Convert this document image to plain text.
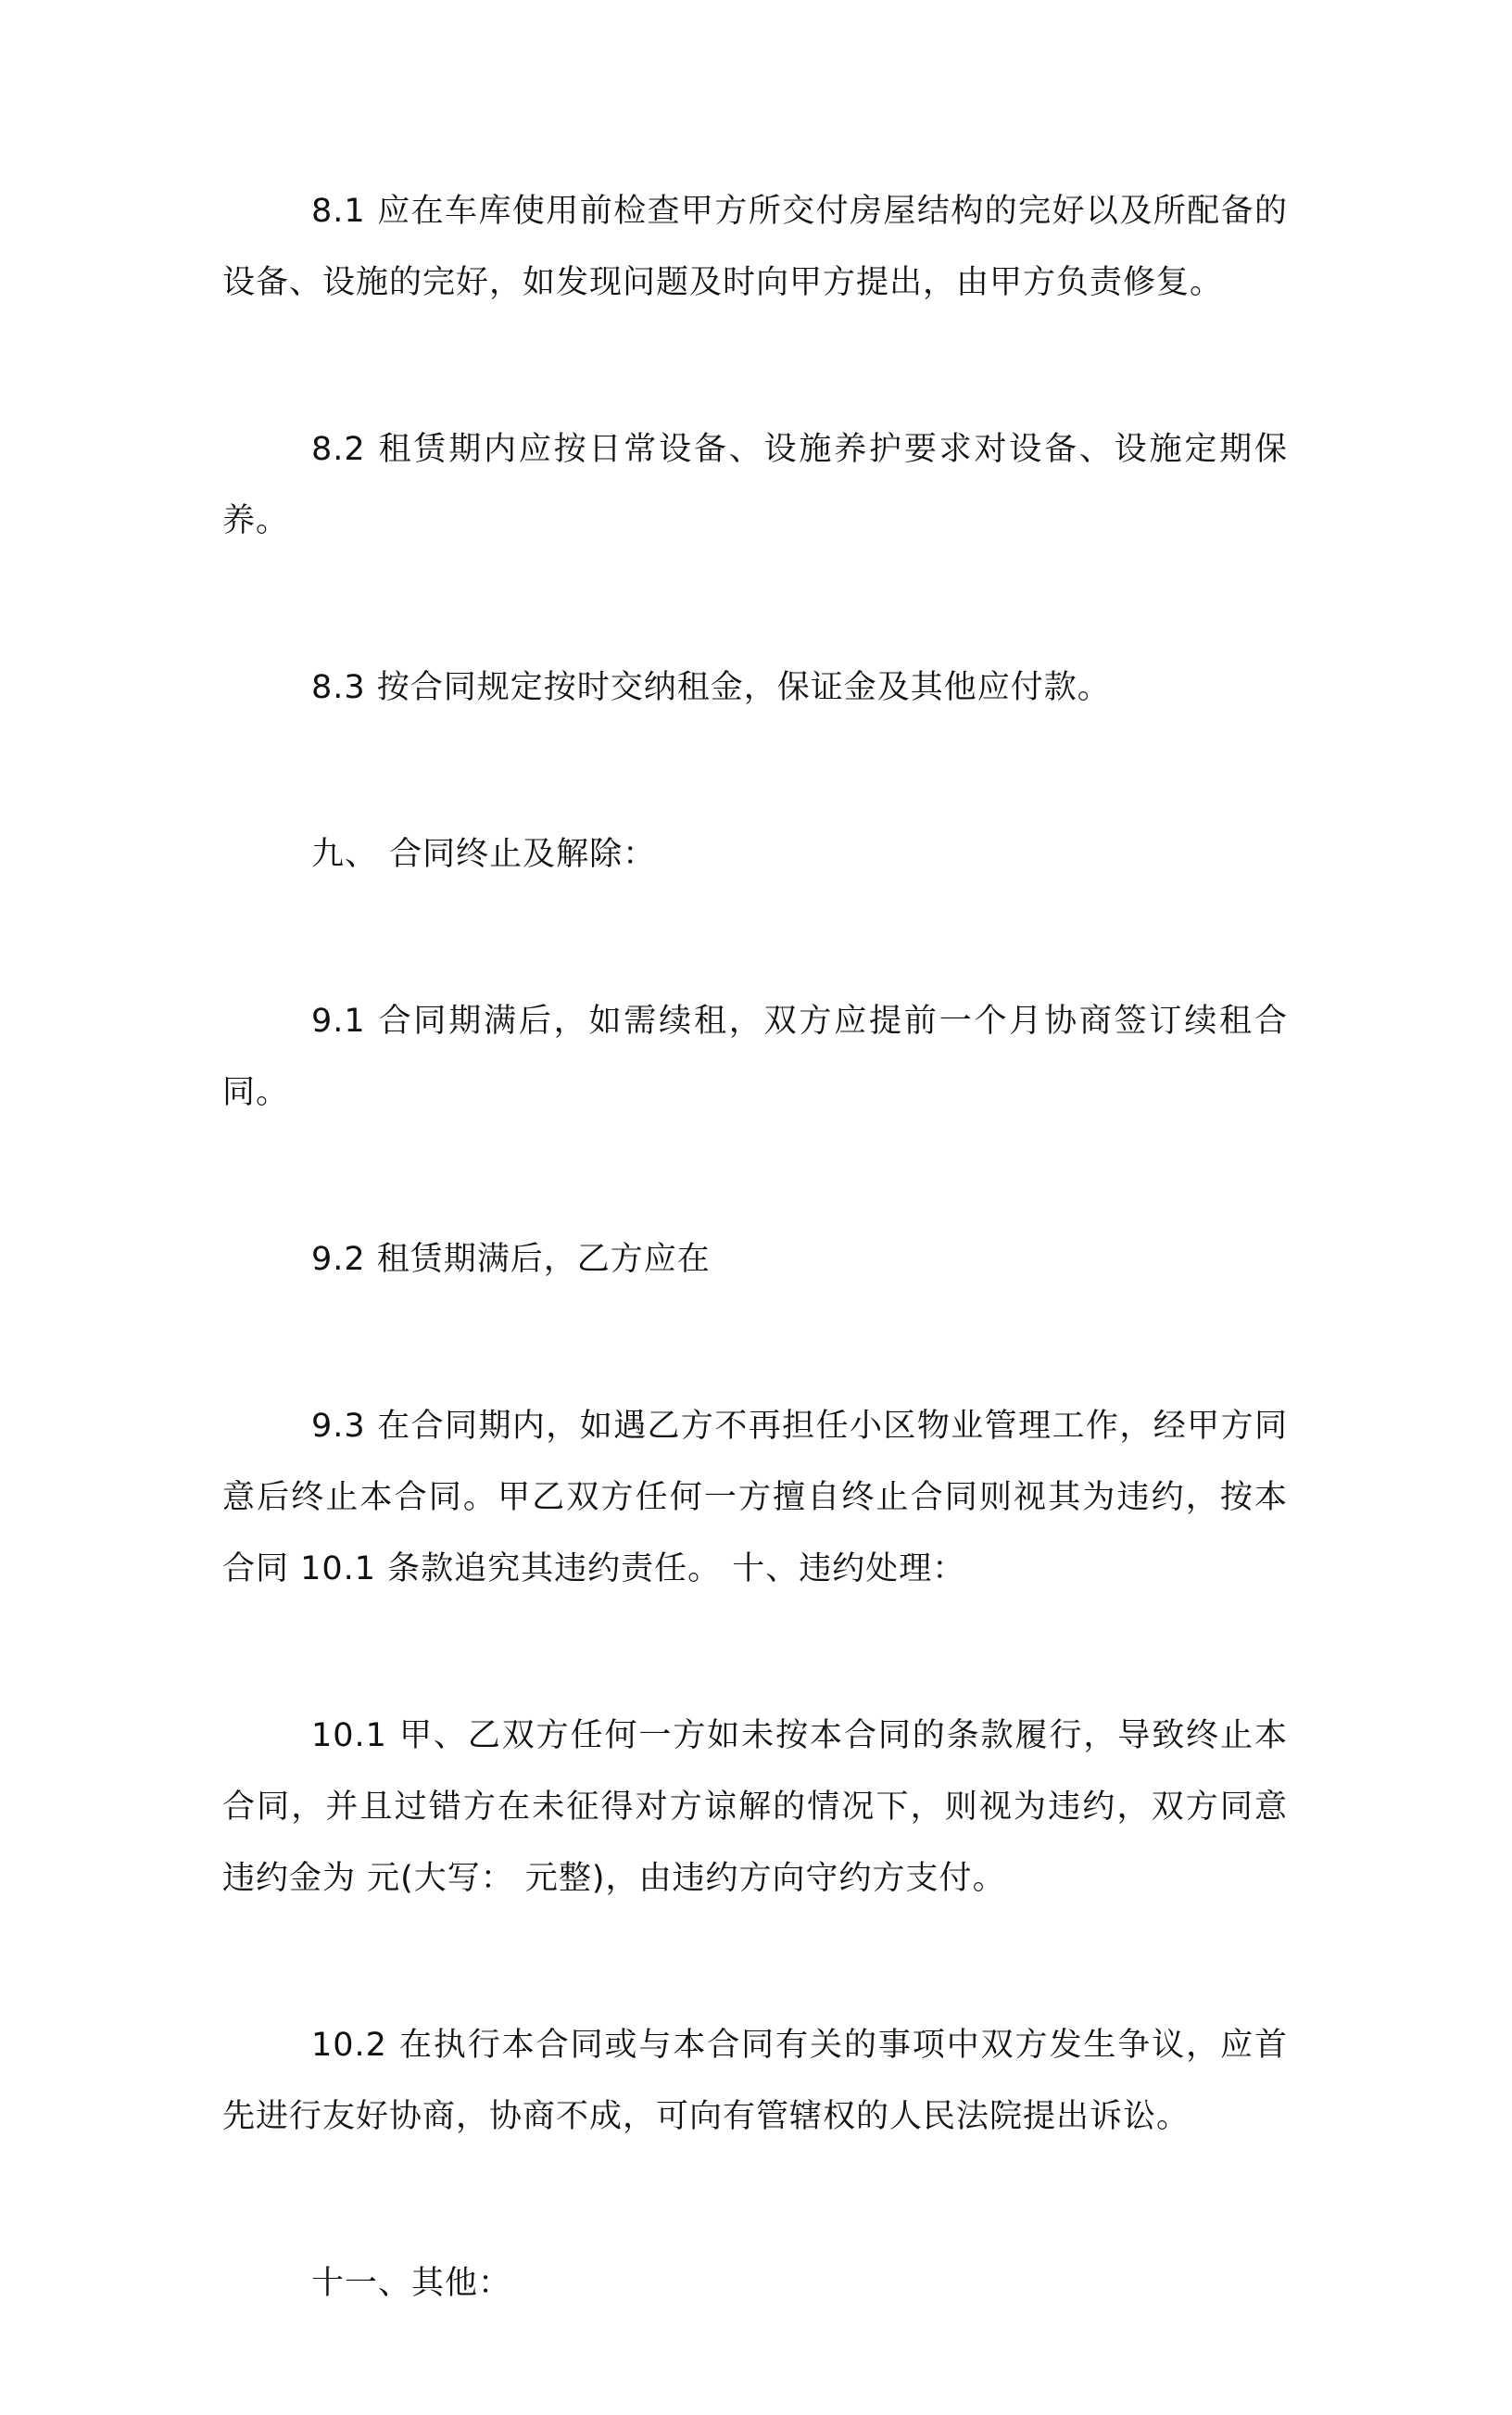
8.1 应在车库使用前检查甲方所交付房屋结构的完好以及所配备的设备、设施的完好，如发现问题及时向甲方提出，由甲方负责修复。

8.2 租赁期内应按日常设备、设施养护要求对设备、设施定期保养。

8.3 按合同规定按时交纳租金，保证金及其他应付款。

九、 合同终止及解除：

9.1 合同期满后，如需续租，双方应提前一个月协商签订续租合同。

9.2 租赁期满后，乙方应在

9.3 在合同期内，如遇乙方不再担任小区物业管理工作，经甲方同意后终止本合同。甲乙双方任何一方擅自终止合同则视其为违约，按本合同 10.1 条款追究其违约责任。 十、违约处理：

10.1 甲、乙双方任何一方如未按本合同的条款履行，导致终止本合同，并且过错方在未征得对方谅解的情况下，则视为违约，双方同意违约金为 元(大写： 元整)，由违约方向守约方支付。

10.2 在执行本合同或与本合同有关的事项中双方发生争议，应首先进行友好协商，协商不成，可向有管辖权的人民法院提出诉讼。

十一、其他：
